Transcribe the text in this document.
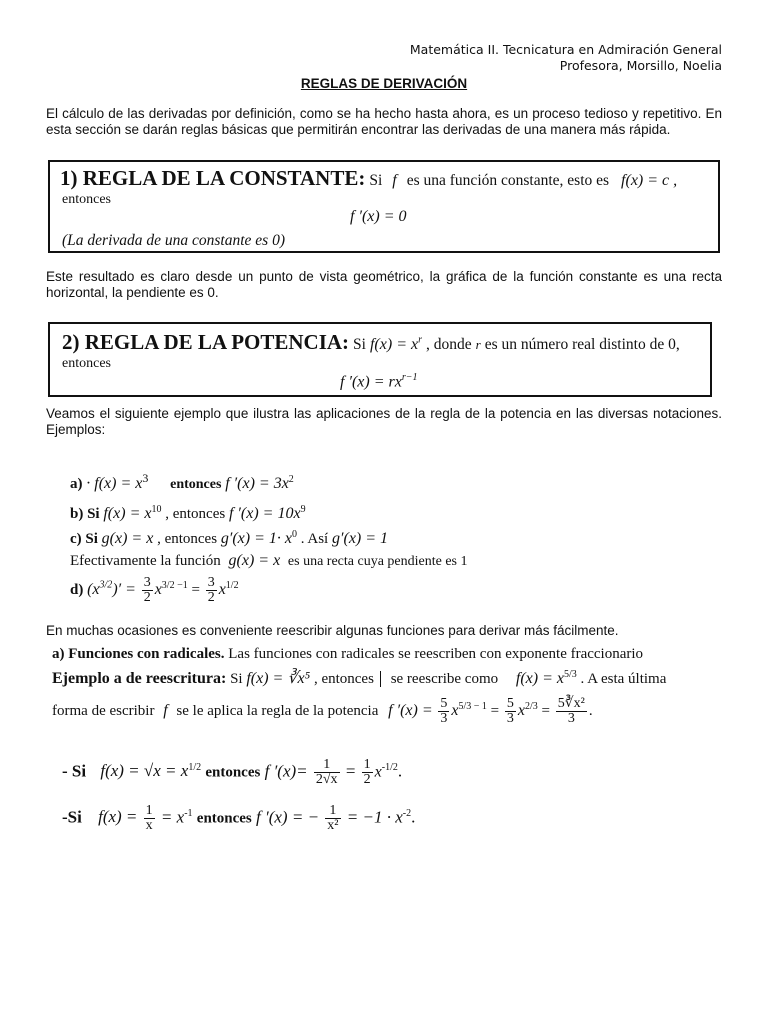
Matemática II. Tecnicatura en Admiración General
Profesora, Morsillo, Noelia
REGLAS DE DERIVACIÓN
El cálculo de las derivadas por definición, como se ha hecho hasta ahora, es un proceso tedioso y repetitivo. En esta sección se darán reglas básicas que permitirán encontrar las derivadas de una manera más rápida.
1) REGLA DE LA CONSTANTE: Si f es una función constante, esto es f(x) = c ,
entonces
f ′(x) = 0
(La derivada de una constante es 0)
Este resultado es claro desde un punto de vista geométrico, la gráfica de la función constante es una recta horizontal, la pendiente es 0.
2) REGLA DE LA POTENCIA: Si $f(x) = x^r$ , donde r es un número real distinto de 0,
entonces
f $'(x) = rx^{r-1}$
Veamos el siguiente ejemplo que ilustra las aplicaciones de la regla de la potencia en las diversas notaciones. Ejemplos:
$a) \cdot f(x) = x^3$ entonces f $'(x) = 3x^2$
b) Si $f(x) = x^{10}$ , entonces f $'(x) = 10x^9$
c) Si g(x) = x , entonces $g'(x) = 1\cdot x^0$ . Así g′(x) = 1
Efectivamente la función g(x) = x es una recta cuya pendiente es 1
d) $(x^{3/2})' = \frac{3}{2} x^{3/2 -1} = \frac{3}{2} x^{1/2}$
En muchas ocasiones es conveniente reescribir algunas funciones para derivar más fácilmente.
a) Funciones con radicales. Las funciones con radicales se reescriben con exponente fraccionario
Ejemplo a de reescritura: Si f(x) = ∛x⁵ , entonces se reescribe como $f(x) = x^{5/3}$ . A esta última
forma de escribir f se le aplica la regla de la potencia f $'(x) = \frac{5}{3} x^{5/3 - 1} = \frac{5}{3} x^{2/3} = \frac{\text{5∛x²}}{3}$ .
- Si $f(x) = √x = x^{1/2}$ entonces f $'(x)= \frac{1}{2√x} = \frac{1}{2} x^{-1/2}$.
-Si $f(x) = \frac{1}{x} = x^{-1}$ entonces f ′(x) = − $\frac{1}{\text{x²}} = -1 \cdot x^{-2}$.
